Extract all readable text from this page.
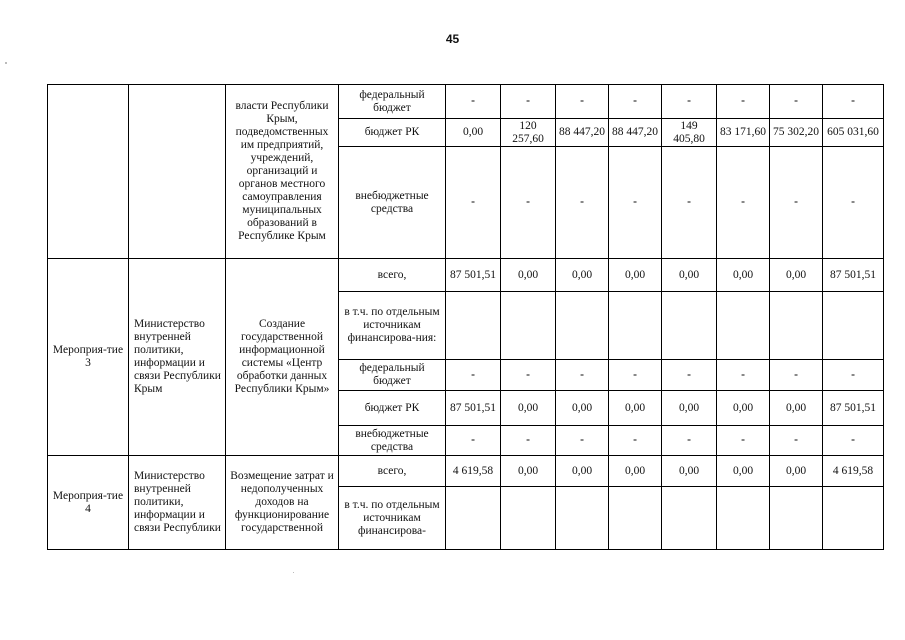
45
		власти Республики Крым, подведомственных им предприятий, учреждений, организаций и органов местного самоуправления муниципальных образований в Республике Крым	федеральный бюджет	-	-	-	-	-	-	-	-
			бюджет РК	0,00	120 257,60	88 447,20	88 447,20	149 405,80	83 171,60	75 302,20	605 031,60
			внебюджетные средства	-	-	-	-	-	-	-	-
Мероприя-тие 3	Министерство внутренней политики, информации и связи Республики Крым	Создание государственной информационной системы «Центр обработки данных Республики Крым»	всего,	87 501,51	0,00	0,00	0,00	0,00	0,00	0,00	87 501,51
			в т.ч. по отдельным источникам финансирова-ния:								
			федеральный бюджет	-	-	-	-	-	-	-	-
			бюджет РК	87 501,51	0,00	0,00	0,00	0,00	0,00	0,00	87 501,51
			внебюджетные средства	-	-	-	-	-	-	-	-
Мероприя-тие 4	Министерство внутренней политики, информации и связи Республики	Возмещение затрат и недополученных доходов на функционирование государственной	всего,	4 619,58	0,00	0,00	0,00	0,00	0,00	0,00	4 619,58
			в т.ч. по отдельным источникам финансирова-								
